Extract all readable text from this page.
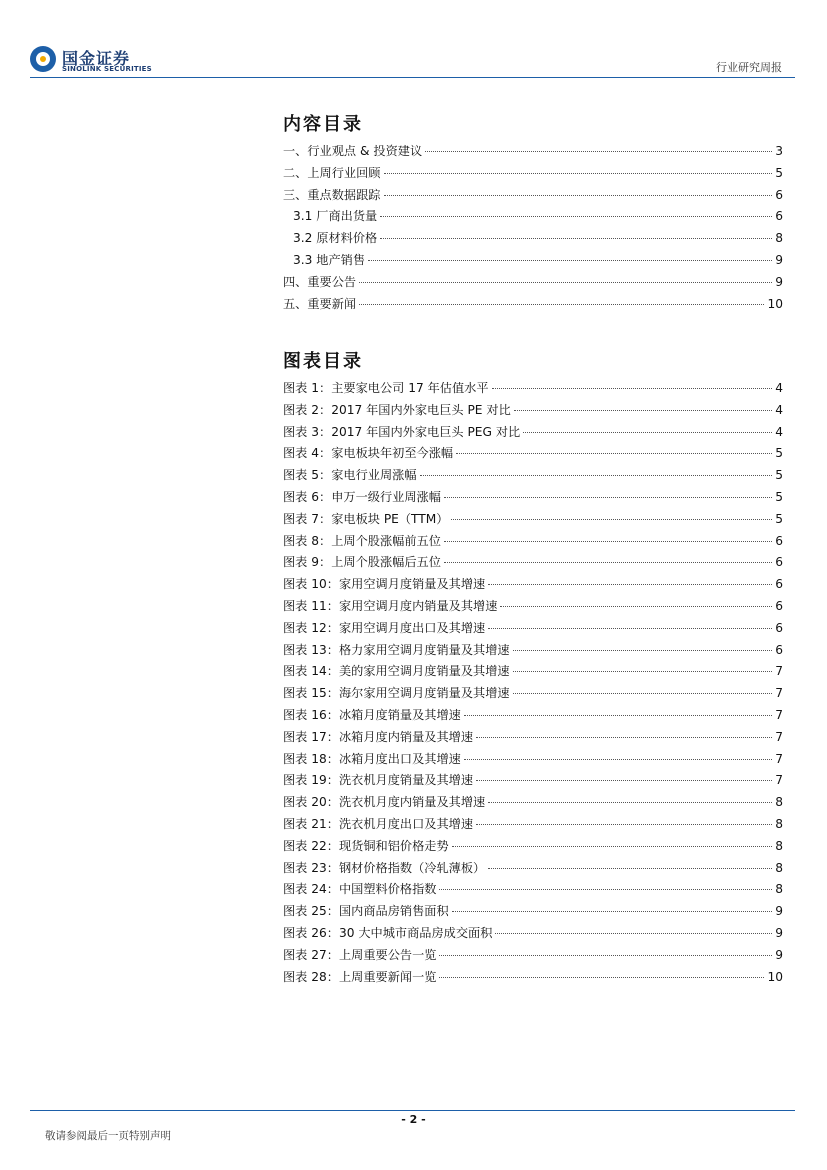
国金证券
SINOLINK SECURITIES	行业研究周报
内容目录
一、行业观点 & 投资建议	3
二、上周行业回顾	5
三、重点数据跟踪	6
3.1 厂商出货量	6
3.2 原材料价格	8
3.3 地产销售	9
四、重要公告	9
五、重要新闻	10
图表目录
图表 1：主要家电公司 17 年估值水平	4
图表 2：2017 年国内外家电巨头 PE 对比	4
图表 3：2017 年国内外家电巨头 PEG 对比	4
图表 4：家电板块年初至今涨幅	5
图表 5：家电行业周涨幅	5
图表 6：申万一级行业周涨幅	5
图表 7：家电板块 PE（TTM）	5
图表 8：上周个股涨幅前五位	6
图表 9：上周个股涨幅后五位	6
图表 10：家用空调月度销量及其增速	6
图表 11：家用空调月度内销量及其增速	6
图表 12：家用空调月度出口及其增速	6
图表 13：格力家用空调月度销量及其增速	6
图表 14：美的家用空调月度销量及其增速	7
图表 15：海尔家用空调月度销量及其增速	7
图表 16：冰箱月度销量及其增速	7
图表 17：冰箱月度内销量及其增速	7
图表 18：冰箱月度出口及其增速	7
图表 19：洗衣机月度销量及其增速	7
图表 20：洗衣机月度内销量及其增速	8
图表 21：洗衣机月度出口及其增速	8
图表 22：现货铜和铝价格走势	8
图表 23：钢材价格指数（冷轧薄板）	8
图表 24：中国塑料价格指数	8
图表 25：国内商品房销售面积	9
图表 26：30 大中城市商品房成交面积	9
图表 27：上周重要公告一览	9
图表 28：上周重要新闻一览	10
- 2 -
敬请参阅最后一页特别声明
